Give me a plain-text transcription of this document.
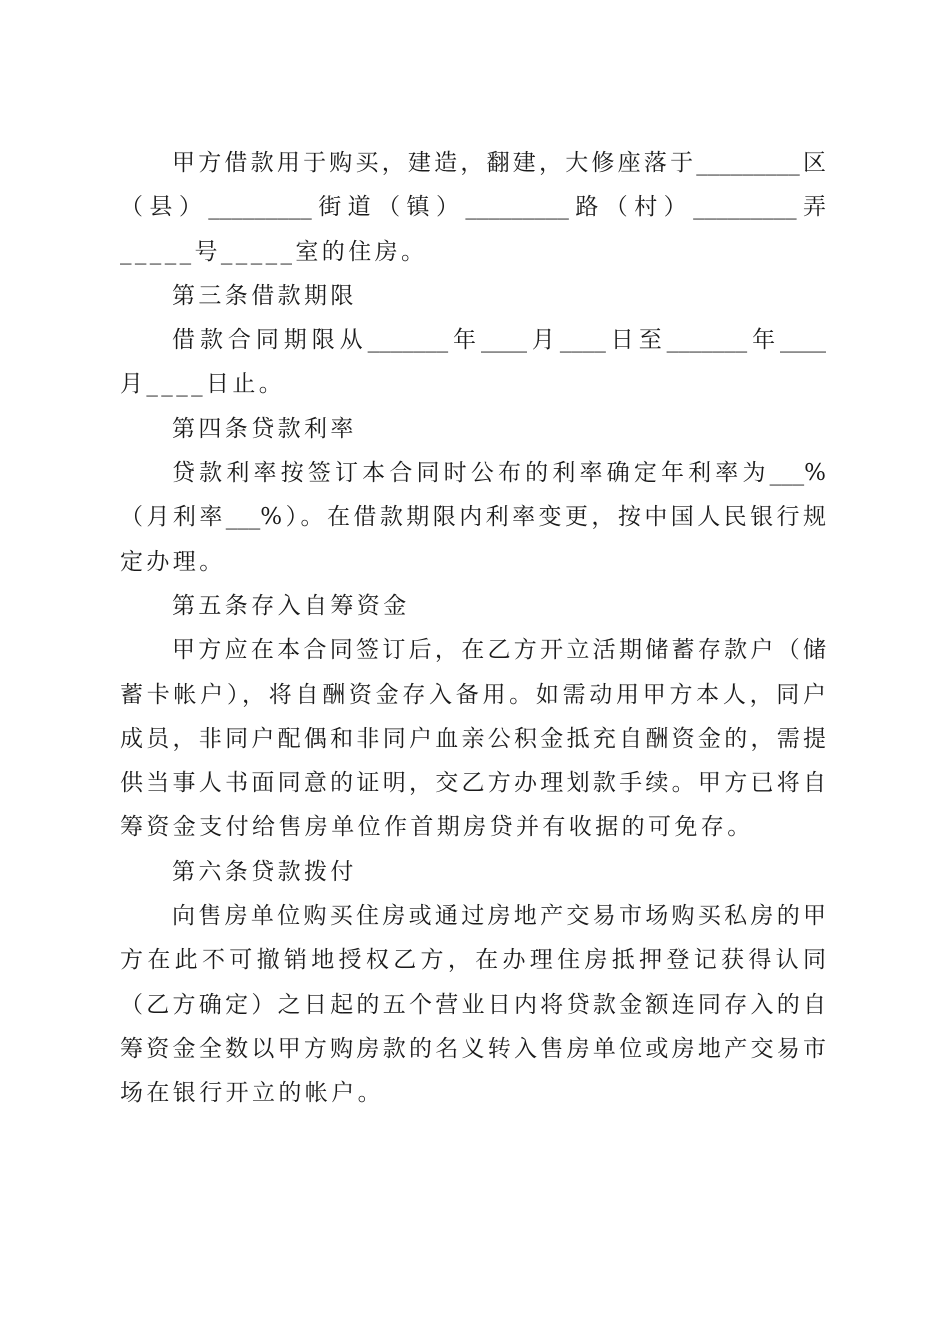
甲方借款用于购买，建造，翻建，大修座落于_________区
（县）_________街道（镇）_________路（村）_________弄
_____号_____室的住房。
第三条借款期限
借款合同期限从_______年____月____日至_______年____
月____日止。
第四条贷款利率
贷款利率按签订本合同时公布的利率确定年利率为___%
（月利率___%）。在借款期限内利率变更，按中国人民银行规
定办理。
第五条存入自筹资金
甲方应在本合同签订后，在乙方开立活期储蓄存款户（储
蓄卡帐户），将自酬资金存入备用。如需动用甲方本人，同户
成员，非同户配偶和非同户血亲公积金抵充自酬资金的，需提
供当事人书面同意的证明，交乙方办理划款手续。甲方已将自
筹资金支付给售房单位作首期房贷并有收据的可免存。
第六条贷款拨付
向售房单位购买住房或通过房地产交易市场购买私房的甲
方在此不可撤销地授权乙方，在办理住房抵押登记获得认同
（乙方确定）之日起的五个营业日内将贷款金额连同存入的自
筹资金全数以甲方购房款的名义转入售房单位或房地产交易市
场在银行开立的帐户。
